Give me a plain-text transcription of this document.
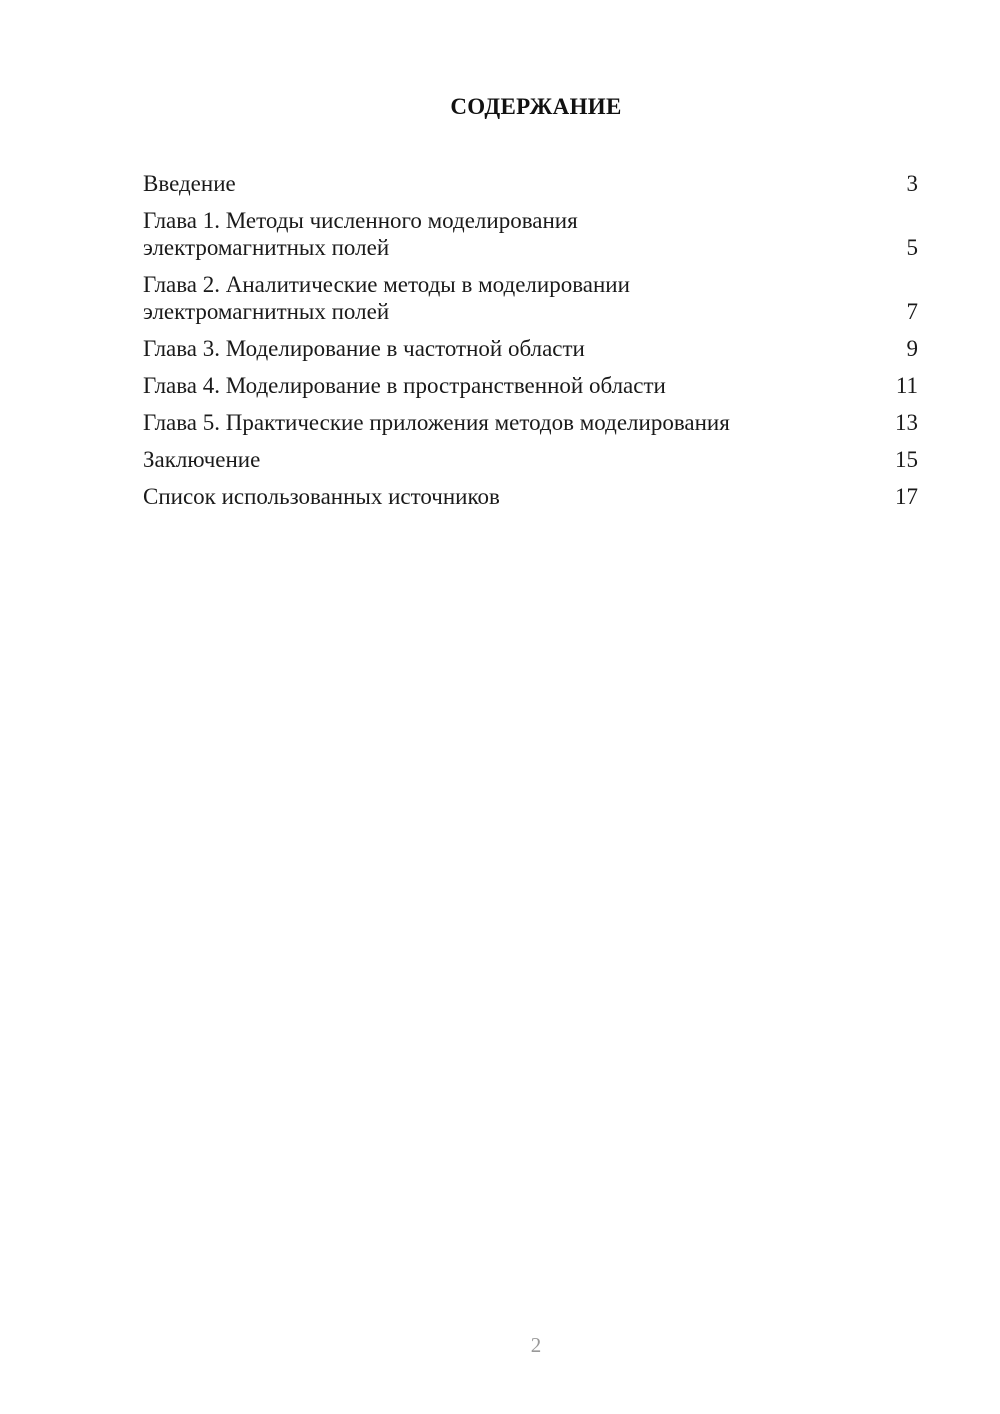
СОДЕРЖАНИЕ
Введение	3
Глава 1. Методы численного моделирования
электромагнитных полей	5
Глава 2. Аналитические методы в моделировании
электромагнитных полей	7
Глава 3. Моделирование в частотной области	9
Глава 4. Моделирование в пространственной области	11
Глава 5. Практические приложения методов моделирования	13
Заключение	15
Список использованных источников	17
2
